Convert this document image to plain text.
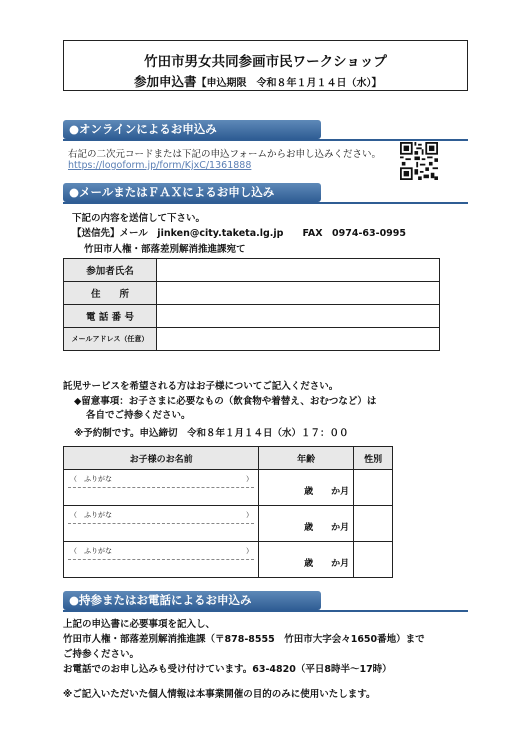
竹田市男女共同参画市民ワークショップ
参加申込書【申込期限　令和８年１月１４日（水）】
●オンラインによるお申込み
右記の二次元コードまたは下記の申込フォームからお申し込みください。
https://logoform.jp/form/KjxC/1361888
●メールまたはＦＡＸによるお申し込み
下記の内容を送信して下さい。
【送信先】メール　jinken@city.taketa.lg.jp　　FAX　0974-63-0995
竹田市人権・部落差別解消推進課宛て
参加者氏名	
住　　所	
電 話 番 号	
メールアドレス（任意）	
託児サービスを希望される方はお子様についてご記入ください。
◆留意事項：お子さまに必要なもの（飲食物や着替え、おむつなど）は
各自でご持参ください。
※予約制です。申込締切　令和８年１月１４日（水）１７：００
お子様のお名前	年齢	性別

（　ふりがな ）	歳　　か月	

（　ふりがな ）	歳　　か月	

（　ふりがな ）	歳　　か月	

●持参またはお電話によるお申込み
上記の申込書に必要事項を記入し、
竹田市人権・部落差別解消推進課（〒878-8555　竹田市大字会々1650番地）まで
ご持参ください。
お電話でのお申し込みも受け付けています。63-4820（平日8時半～17時）
※ご記入いただいた個人情報は本事業開催の目的のみに使用いたします。
